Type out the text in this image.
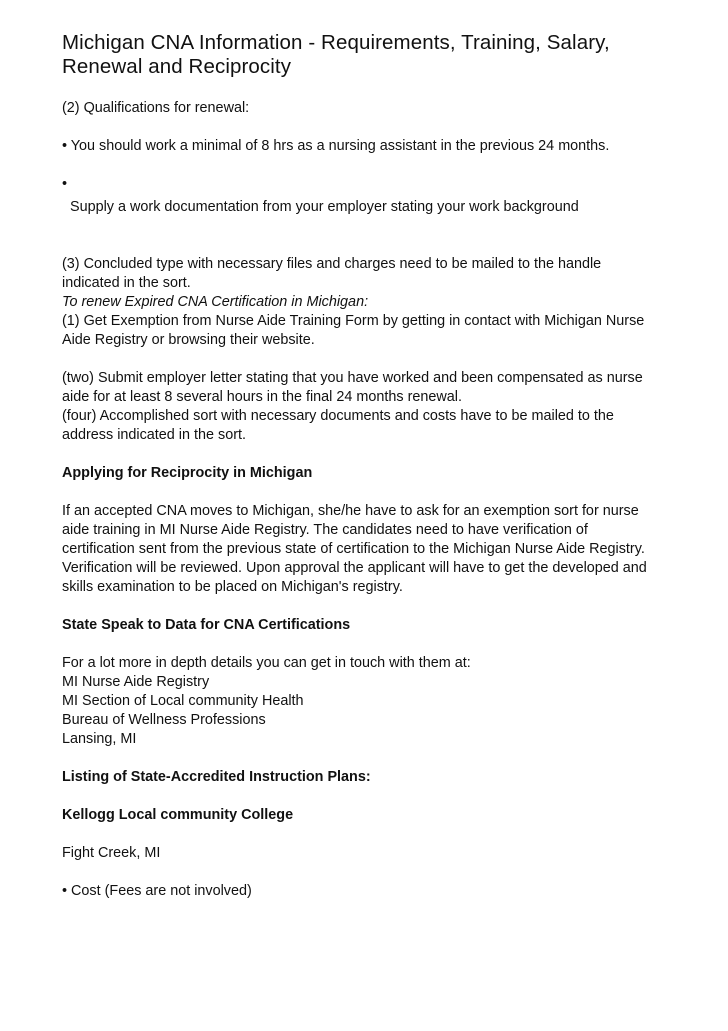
Michigan CNA Information - Requirements, Training, Salary, Renewal and Reciprocity

(2) Qualifications for renewal:

• You should work a minimal of 8 hrs as a nursing assistant in the previous 24 months.

•

Supply a work documentation from your employer stating your work background

(3) Concluded type with necessary files and charges need to be mailed to the handle

indicated in the sort.

To renew Expired CNA Certification in Michigan:

(1) Get Exemption from Nurse Aide Training Form by getting in contact with Michigan Nurse

Aide Registry or browsing their website.

(two) Submit employer letter stating that you have worked and been compensated as nurse

aide for at least 8 several hours in the final 24 months renewal.

(four) Accomplished sort with necessary documents and costs have to be mailed to the

address indicated in the sort.

Applying for Reciprocity in Michigan

If an accepted CNA moves to Michigan, she/he have to ask for an exemption sort for nurse

aide training in MI Nurse Aide Registry. The candidates need to have verification of

certification sent from the previous state of certification to the Michigan Nurse Aide Registry.

Verification will be reviewed. Upon approval the applicant will have to get the developed and

skills examination to be placed on Michigan's registry.

State Speak to Data for CNA Certifications

For a lot more in depth details you can get in touch with them at:

MI Nurse Aide Registry

MI Section of Local community Health

Bureau of Wellness Professions

Lansing, MI

Listing of State-Accredited Instruction Plans:

Kellogg Local community College

Fight Creek, MI

• Cost (Fees are not involved)
